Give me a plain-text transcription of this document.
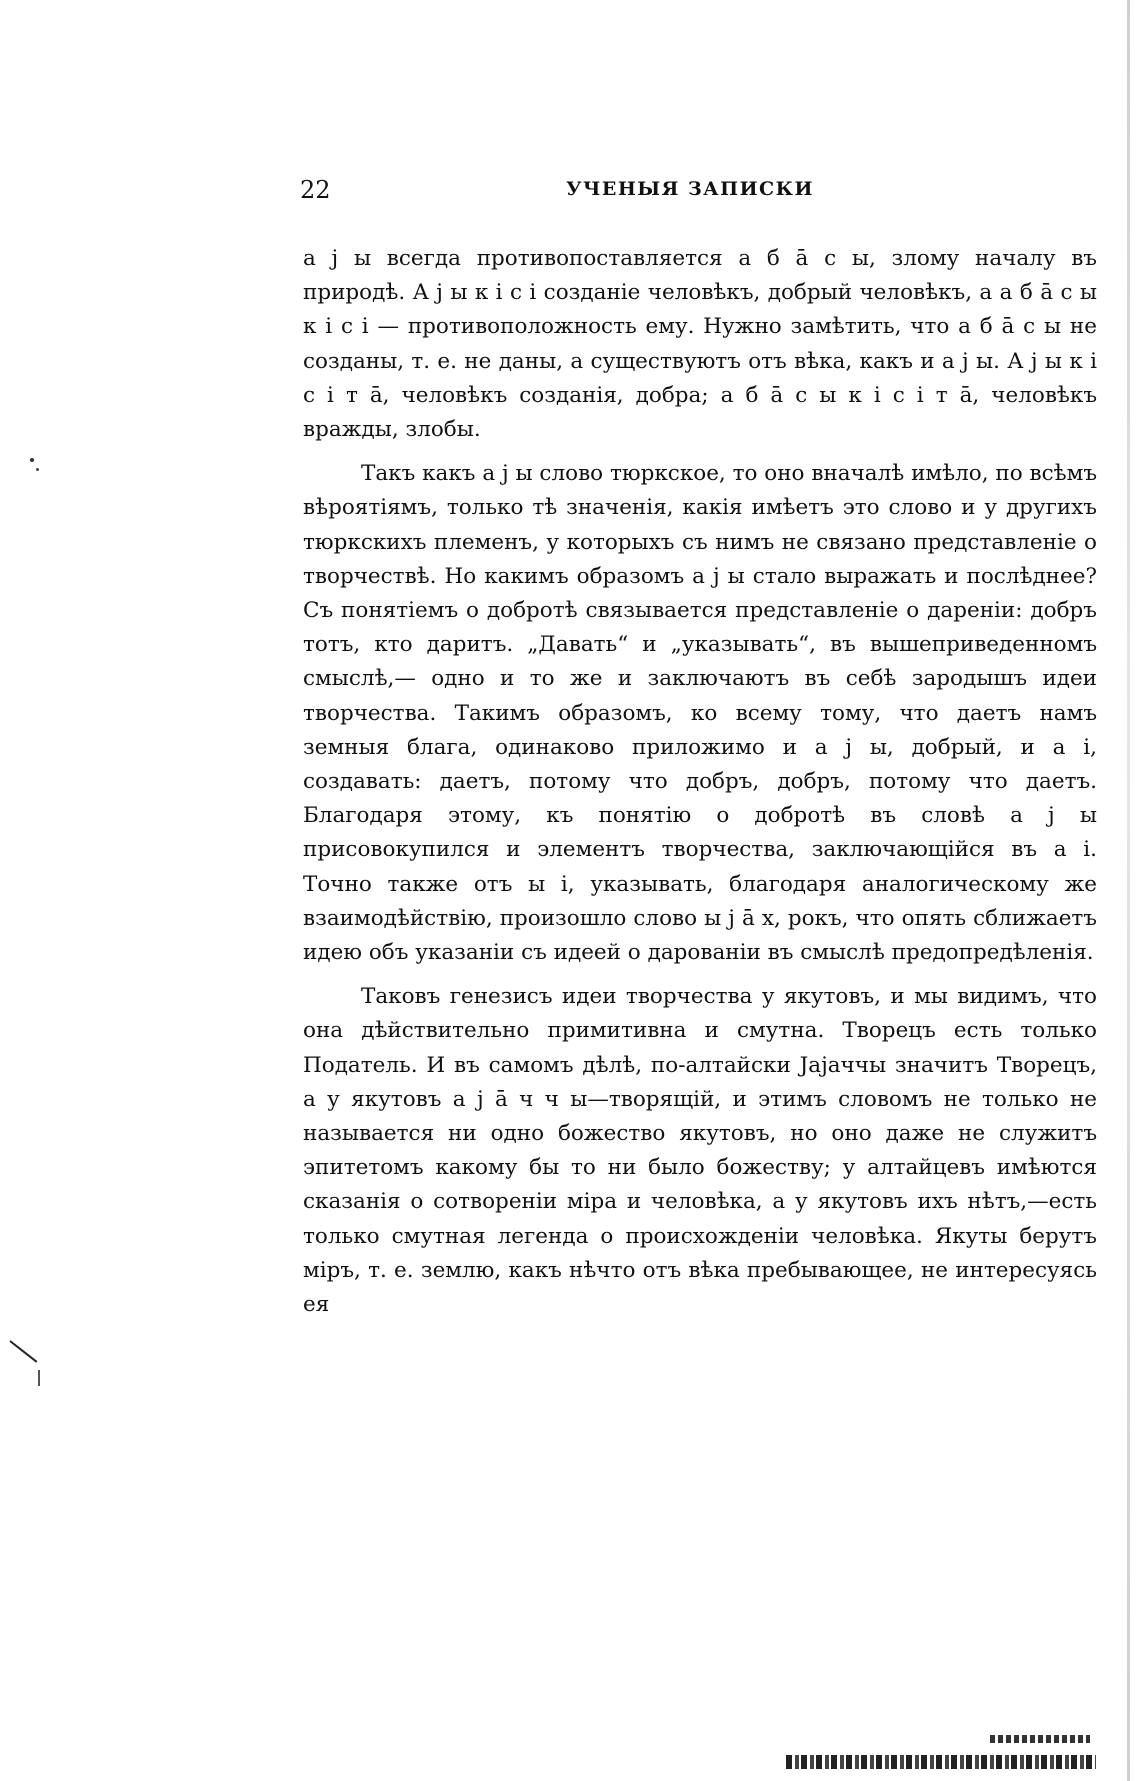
22	УЧЕНЫЯ ЗАПИСКИ

а j ы всегда противопоставляется а б ā с ы, злому началу въ природѣ. А j ы к і с і созданіе человѣкъ, добрый человѣкъ, а а б ā с ы к і с і — противоположность ему. Нужно замѣтить, что а б ā с ы не созданы, т. е. не даны, а существуютъ отъ вѣка, какъ и а j ы. А j ы к і с і т ā, человѣкъ созданія, добра; а б ā с ы к і с і т ā, человѣкъ вражды, злобы.

Такъ какъ а j ы слово тюркское, то оно вначалѣ имѣло, по всѣмъ вѣроятіямъ, только тѣ значенія, какія имѣетъ это слово и у другихъ тюркскихъ племенъ, у которыхъ съ нимъ не связано представленіе о творчествѣ. Но какимъ образомъ а j ы стало выражать и послѣднее? Съ понятіемъ о добротѣ связывается представленіе о дареніи: добръ тотъ, кто даритъ. „Давать“ и „указывать“, въ вышеприведенномъ смыслѣ,— одно и то же и заключаютъ въ себѣ зародышъ идеи творчества. Такимъ образомъ, ко всему тому, что даетъ намъ земныя блага, одинаково приложимо и а j ы, добрый, и а і, создавать: даетъ, потому что добръ, добръ, потому что даетъ. Благодаря этому, къ понятію о добротѣ въ словѣ а j ы присовокупился и элементъ творчества, заключающійся въ а і. Точно также отъ ы і, указывать, благодаря аналогическому же взаимодѣйствію, произошло слово ы j ā х, рокъ, что опять сближаетъ идею объ указаніи съ идеей о дарованіи въ смыслѣ предопредѣленія.

Таковъ генезисъ идеи творчества у якутовъ, и мы видимъ, что она дѣйствительно примитивна и смутна. Творецъ есть только Податель. И въ самомъ дѣлѣ, по-алтайски Јајаччы значитъ Творецъ, а у якутовъ а j ā ч ч ы—творящій, и этимъ словомъ не только не называется ни одно божество якутовъ, но оно даже не служитъ эпитетомъ какому бы то ни было божеству; у алтайцевъ имѣются сказанія о сотвореніи міра и человѣка, а у якутовъ ихъ нѣтъ,—есть только смутная легенда о происхожденіи человѣка. Якуты берутъ міръ, т. е. землю, какъ нѣчто отъ вѣка пребывающее, не интересуясь ея
